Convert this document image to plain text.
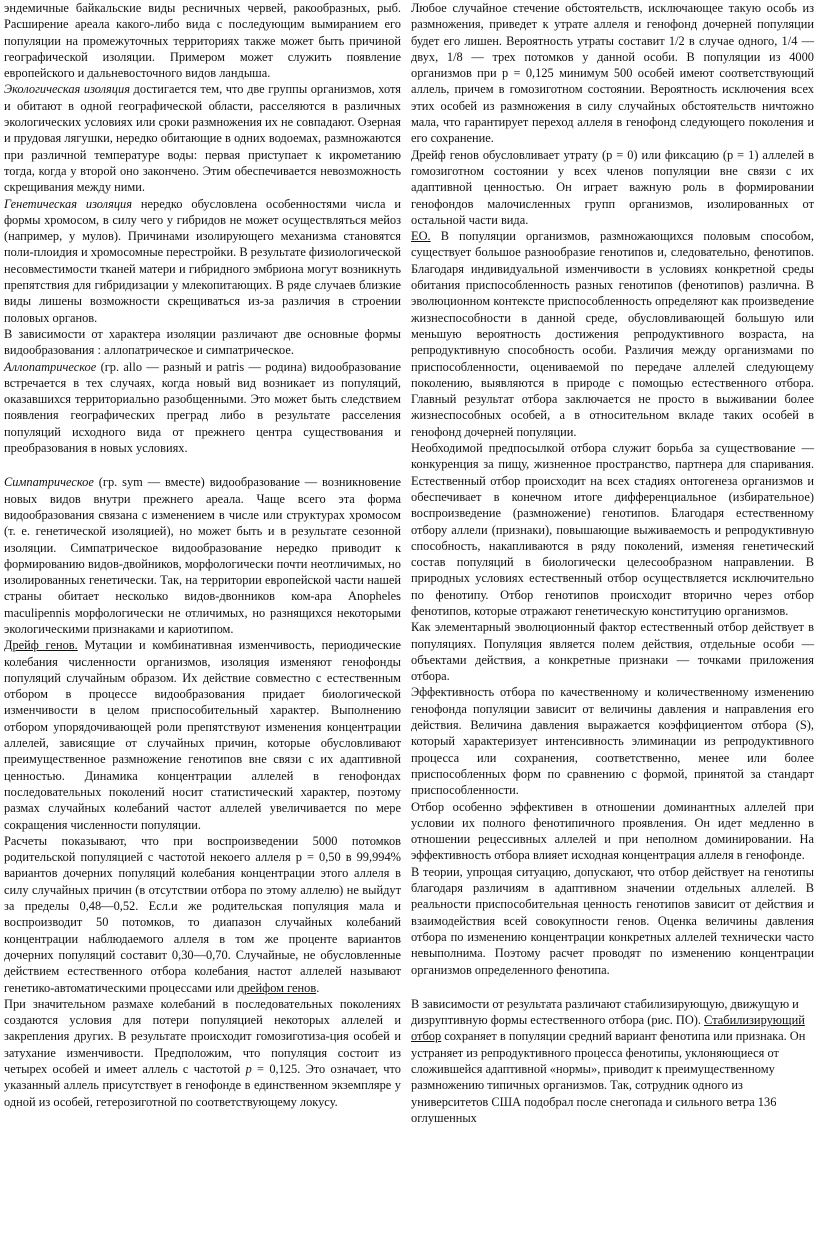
эндемичные байкальские виды ресничных червей, ракообразных, рыб. Расширение ареала какого-либо вида с последующим вымиранием его популяции на промежуточных территориях также может быть причиной географической изоляции. Примером может служить появление европейского и дальневосточного видов ландыша.

Экологическая изоляция достигается тем, что две группы организмов, хотя и обитают в одной географической области, расселяются в различных экологических условиях или сроки размножения их не совпадают. Озерная и прудовая лягушки, нередко обитающие в одних водоемах, размножаются при различной температуре воды: первая приступает к икрометанию тогда, когда у второй оно закончено. Этим обеспечивается невозможность скрещивания между ними.

Генетическая изоляция нередко обусловлена особенностями числа и формы хромосом, в силу чего у гибридов не может осуществляться мейоз (например, у мулов). Причинами изолирующего механизма становятся поли-плоидия и хромосомные перестройки. В результате физиологической несовместимости тканей матери и гибридного эмбриона могут возникнуть препятствия для гибридизации у млекопитающих. В ряде случаев близкие виды лишены возможности скрещиваться из-за различия в строении половых органов.

В зависимости от характера изоляции различают две основные формы видообразования : аллопатрическое и симпатрическое.

Аллопатрическое (гр. allo — разный и patris — родина) видообразование встречается в тех случаях, когда новый вид возникает из популяций, оказавшихся территориально разобщенными. Это может быть следствием появления географических преград либо в результате расселения популяций исходного вида от прежнего центра существования и преобразования в новых условиях.

Симпатрическое (гр. sym — вместе) видообразование — возникновение новых видов внутри прежнего ареала. Чаще всего эта форма видообразования связана с изменением в числе или структурах хромосом (т. е. генетической изоляцией), но может быть и в результате сезонной изоляции. Симпатрическое видообразование нередко приводит к формированию видов-двойников, морфологически почти неотличимых, но изолированных генетически. Так, на территории европейской части нашей страны обитает несколько видов-двонников ком-ара Anopheles maculipennis морфологически не отличимых, но разнящихся некоторыми экологическими признаками и кариотипом.

Дрейф генов. Мутации и комбинативная изменчивость, периодические колебания численности организмов, изоляция изменяют генофонды популяций случайным образом. Их действие совместно с естественным отбором в процессе видообразования придает биологической изменчивости в целом приспособительный характер. Выполнению отбором упорядочивающей роли препятствуют изменения концентрации аллелей, зависящие от случайных причин, которые обусловливают преимущественное размножение генотипов вне связи с их адаптивной ценностью. Динамика концентрации аллелей в генофондах последовательных поколений носит статистический характер, поэтому размах случайных колебаний частот аллелей увеличивается по мере сокращения численности популяции.

Расчеты показывают, что при воспроизведении 5000 потомков родительской популяцией с частотой некоего аллеля р = 0,50 в 99,994% вариантов дочерних популяций колебания концентрации этого аллеля в силу случайных причин (в отсутствии отбора по этому аллелю) не выйдут за пределы 0,48—0,52. Есл.и же родительская популяция мала и воспроизводит 50 потомков, то диапазон случайных колебаний концентрации наблюдаемого аллеля в том же проценте вариантов дочерних популяций составит 0,30—0,70. Случайные, не обусловленные действием естественного отбора колебания  настот аллелей называют генетико-автоматическими процессами или дрейфом генов.

При значительном размахе колебаний в последовательных поколениях создаются условия для потери популяцией некоторых аллелей и закрепления других. В результате происходит гомозиготиза-ция особей и затухание изменчивости. Предположим, что популяция состоит из четырех особей и имеет аллель с частотой р = 0,125. Это означает, что указанный аллель присутствует в генофонде в единственном экземпляре у одной из особей, гетерозиготной по соответствующему локусу.

Любое случайное стечение обстоятельств, исключающее такую особь из размножения, приведет к утрате аллеля и генофонд дочерней популяции будет его лишен. Вероятность утраты составит 1/2 в случае одного, 1/4 — двух, 1/8 — трех потомков у данной особи. В популяции из 4000 организмов при р = 0,125 минимум 500 особей имеют соответствующий аллель, причем в гомозиготном состоянии. Вероятность исключения всех этих особей из размножения в силу случайных обстоятельств ничтожно мала, что гарантирует переход аллеля в генофонд следующего поколения и его сохранение.

Дрейф генов обусловливает утрату (р = 0) или фиксацию (р = 1) аллелей в гомозиготном состоянии у всех членов популяции вне связи с их адаптивной ценностью. Он играет важную роль в формировании генофондов малочисленных групп организмов, изолированных от остальной части вида.

ЕО. В популяции организмов, размножающихся половым способом, существует большое разнообразие генотипов и, следовательно, фенотипов. Благодаря индивидуальной изменчивости в условиях конкретной среды обитания приспособленность разных генотипов (фенотипов) различна. В эволюционном контексте приспособленность определяют как произведение жизнеспособности в данной среде, обусловливающей большую или меньшую вероятность достижения репродуктивного возраста, на репродуктивную способность особи. Различия между организмами по приспособленности, оцениваемой по передаче аллелей следующему поколению, выявляются в природе с помощью естественного отбора. Главный результат отбора заключается не просто в выживании более жизнеспособных особей, а в относительном вкладе таких особей в генофонд дочерней популяции.

Необходимой предпосылкой отбора служит борьба за существование — конкуренция за пищу, жизненное пространство, партнера для спаривания. Естественный отбор происходит на всех стадиях онтогенеза организмов и обеспечивает в конечном итоге дифференциальное (избирательное) воспроизведение (размножение) генотипов. Благодаря естественному отбору аллели (признаки), повышающие выживаемость и репродуктивную способность, накапливаются в ряду поколений, изменяя генетический состав популяций в биологически целесообразном направлении. В природных условиях естественный отбор осуществляется исключительно по фенотипу. Отбор генотипов происходит вторично через отбор фенотипов, которые отражают генетическую конституцию организмов.

Как элементарный эволюционный фактор естественный отбор действует в популяциях. Популяция является полем действия, отдельные особи — объектами действия, а конкретные признаки — точками приложения отбора.

Эффективность отбора по качественному и количественному изменению генофонда популяции зависит от величины давления и направления его действия. Величина давления выражается коэффициентом отбора (S), который характеризует интенсивность элиминации из репродуктивного процесса или сохранения, соответственно, менее или более приспособленных форм по сравнению с формой, принятой за стандарт приспособленности.

Отбор особенно эффективен в отношении доминантных аллелей при условии их полного фенотипичного проявления. Он идет медленно в отношении рецессивных аллелей и при неполном доминировании. На эффективность отбора влияет исходная концентрация аллеля в генофонде.

В теории, упрощая ситуацию, допускают, что отбор действует на генотипы благодаря различиям в адаптивном значении отдельных аллелей. В реальности приспособительная ценность генотипов зависит от действия и взаимодействия всей совокупности генов. Оценка величины давления отбора по изменению концентрации конкретных аллелей технически часто невыполнима. Поэтому расчет проводят по изменению концентрации организмов определенного фенотипа.

В зависимости от результата различают стабилизирующую, движущую и дизруптивную формы естественного отбора (рис. ПО). Стабилизирующий отбор сохраняет в популяции средний вариант фенотипа или признака. Он устраняет из репродуктивного процесса фенотипы, уклоняющиеся от сложившейся адаптивной «нормы», приводит к преимущественному размножению типичных организмов. Так, сотрудник одного из университетов США подобрал после снегопада и сильного ветра 136 оглушенных
